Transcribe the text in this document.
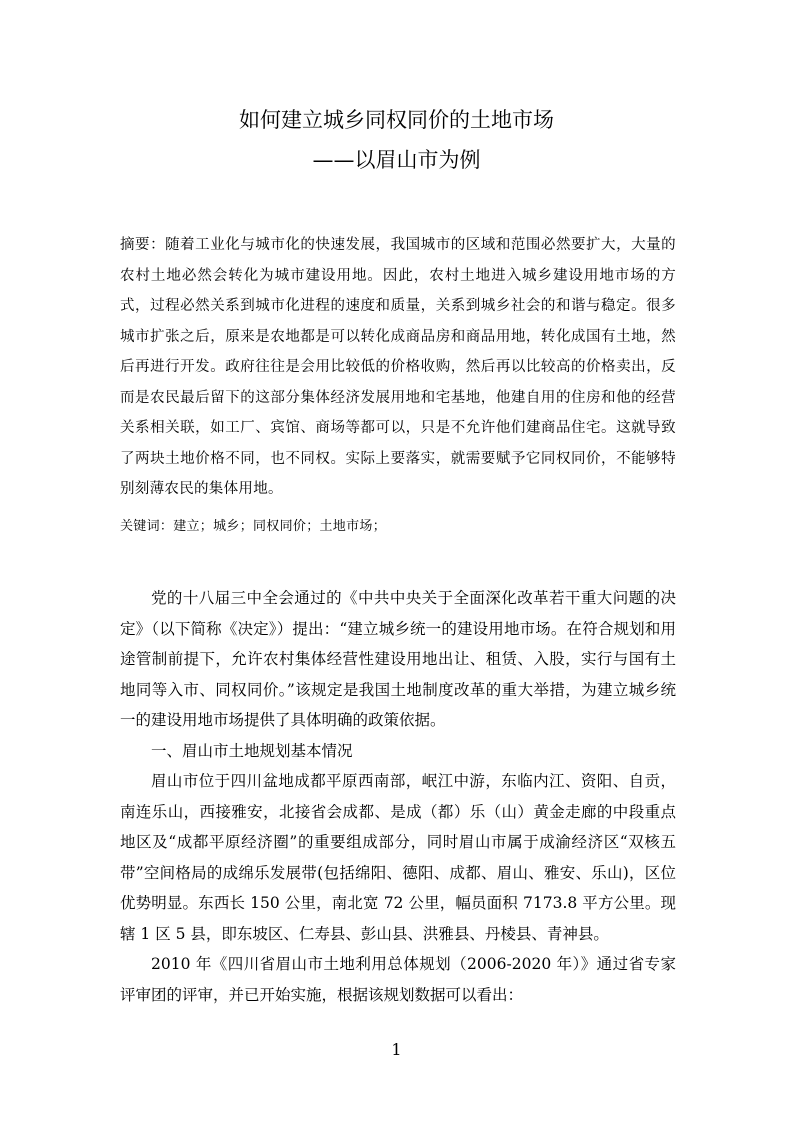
如何建立城乡同权同价的土地市场
——以眉山市为例

摘要：随着工业化与城市化的快速发展，我国城市的区域和范围必然要扩大，大量的农村土地必然会转化为城市建设用地。因此，农村土地进入城乡建设用地市场的方式，过程必然关系到城市化进程的速度和质量，关系到城乡社会的和谐与稳定。很多城市扩张之后，原来是农地都是可以转化成商品房和商品用地，转化成国有土地，然后再进行开发。政府往往是会用比较低的价格收购，然后再以比较高的价格卖出，反而是农民最后留下的这部分集体经济发展用地和宅基地，他建自用的住房和他的经营关系相关联，如工厂、宾馆、商场等都可以，只是不允许他们建商品住宅。这就导致了两块土地价格不同，也不同权。实际上要落实，就需要赋予它同权同价，不能够特别刻薄农民的集体用地。

关键词：建立；城乡；同权同价；土地市场；

党的十八届三中全会通过的《中共中央关于全面深化改革若干重大问题的决定》（以下简称《决定》）提出：“建立城乡统一的建设用地市场。在符合规划和用途管制前提下，允许农村集体经营性建设用地出让、租赁、入股，实行与国有土地同等入市、同权同价。”该规定是我国土地制度改革的重大举措，为建立城乡统一的建设用地市场提供了具体明确的政策依据。

一、眉山市土地规划基本情况

眉山市位于四川盆地成都平原西南部，岷江中游，东临内江、资阳、自贡，南连乐山，西接雅安，北接省会成都、是成（都）乐（山）黄金走廊的中段重点地区及“成都平原经济圈”的重要组成部分，同时眉山市属于成渝经济区“双核五带”空间格局的成绵乐发展带(包括绵阳、德阳、成都、眉山、雅安、乐山)，区位优势明显。东西长 150 公里，南北宽 72 公里，幅员面积 7173.8 平方公里。现辖 1 区 5 县，即东坡区、仁寿县、彭山县、洪雅县、丹棱县、青神县。

2010 年《四川省眉山市土地利用总体规划（2006-2020 年）》通过省专家评审团的评审，并已开始实施，根据该规划数据可以看出：

1
